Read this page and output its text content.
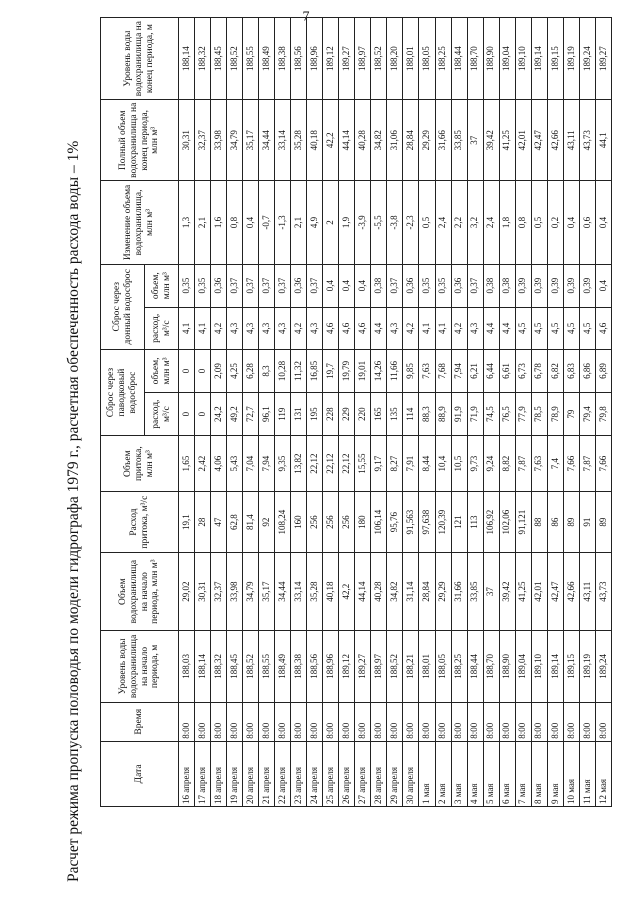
7
Расчет режима пропуска половодья по модели гидрографа 1979 г., расчетная обеспеченность расхода воды – 1%	Дата	Время	Уровень воды водохранилища на начало периода, м	Объем водохранилища на начало периода, млн м³	Расход притока, м³/с	Объем притока, млн м³	Сброс через паводковый водосброс		Сброс через донный водосброс		Изменение объема водохранилища, млн м³	Полный объем водохранилища на конец периода, млн м³	Уровень воды водохранилища на конец периода, м
						расход, м³/с	объем, млн м³	расход, м³/с	объем, млн м³			
16 апреля	8:00	188,03	29,02	19,1	1,65	0	0	4,1	0,35	1,3	30,31	188,14
17 апреля	8:00	188,14	30,31	28	2,42	0	0	4,1	0,35	2,1	32,37	188,32
18 апреля	8:00	188,32	32,37	47	4,06	24,2	2,09	4,2	0,36	1,6	33,98	188,45
19 апреля	8:00	188,45	33,98	62,8	5,43	49,2	4,25	4,3	0,37	0,8	34,79	188,52
20 апреля	8:00	188,52	34,79	81,4	7,04	72,7	6,28	4,3	0,37	0,4	35,17	188,55
21 апреля	8:00	188,55	35,17	92	7,94	96,1	8,3	4,3	0,37	-0,7	34,44	188,49
22 апреля	8:00	188,49	34,44	108,24	9,35	119	10,28	4,3	0,37	-1,3	33,14	188,38
23 апреля	8:00	188,38	33,14	160	13,82	131	11,32	4,2	0,36	2,1	35,28	188,56
24 апреля	8:00	188,56	35,28	256	22,12	195	16,85	4,3	0,37	4,9	40,18	188,96
25 апреля	8:00	188,96	40,18	256	22,12	228	19,7	4,6	0,4	2	42,2	189,12
26 апреля	8:00	189,12	42,2	256	22,12	229	19,79	4,6	0,4	1,9	44,14	189,27
27 апреля	8:00	189,27	44,14	180	15,55	220	19,01	4,6	0,4	-3,9	40,28	188,97
28 апреля	8:00	188,97	40,28	106,14	9,17	165	14,26	4,4	0,38	-5,5	34,82	188,52
29 апреля	8:00	188,52	34,82	95,76	8,27	135	11,66	4,3	0,37	-3,8	31,06	188,20
30 апреля	8:00	188,21	31,14	91,563	7,91	114	9,85	4,2	0,36	-2,3	28,84	188,01
1 мая	8:00	188,01	28,84	97,638	8,44	88,3	7,63	4,1	0,35	0,5	29,29	188,05
2 мая	8:00	188,05	29,29	120,39	10,4	88,9	7,68	4,1	0,35	2,4	31,66	188,25
3 мая	8:00	188,25	31,66	121	10,5	91,9	7,94	4,2	0,36	2,2	33,85	188,44
4 мая	8:00	188,44	33,85	113	9,73	71,9	6,21	4,3	0,37	3,2	37	188,70
5 мая	8:00	188,70	37	106,92	9,24	74,5	6,44	4,4	0,38	2,4	39,42	188,90
6 мая	8:00	188,90	39,42	102,06	8,82	76,5	6,61	4,4	0,38	1,8	41,25	189,04
7 мая	8:00	189,04	41,25	91,121	7,87	77,9	6,73	4,5	0,39	0,8	42,01	189,10
8 мая	8:00	189,10	42,01	88	7,63	78,5	6,78	4,5	0,39	0,5	42,47	189,14
9 мая	8:00	189,14	42,47	86	7,4	78,9	6,82	4,5	0,39	0,2	42,66	189,15
10 мая	8:00	189,15	42,66	89	7,66	79	6,83	4,5	0,39	0,4	43,11	189,19
11 мая	8:00	189,19	43,11	91	7,87	79,4	6,86	4,5	0,39	0,6	43,73	189,24
12 мая	8:00	189,24	43,73	89	7,66	79,8	6,89	4,6	0,4	0,4	44,1	189,27
